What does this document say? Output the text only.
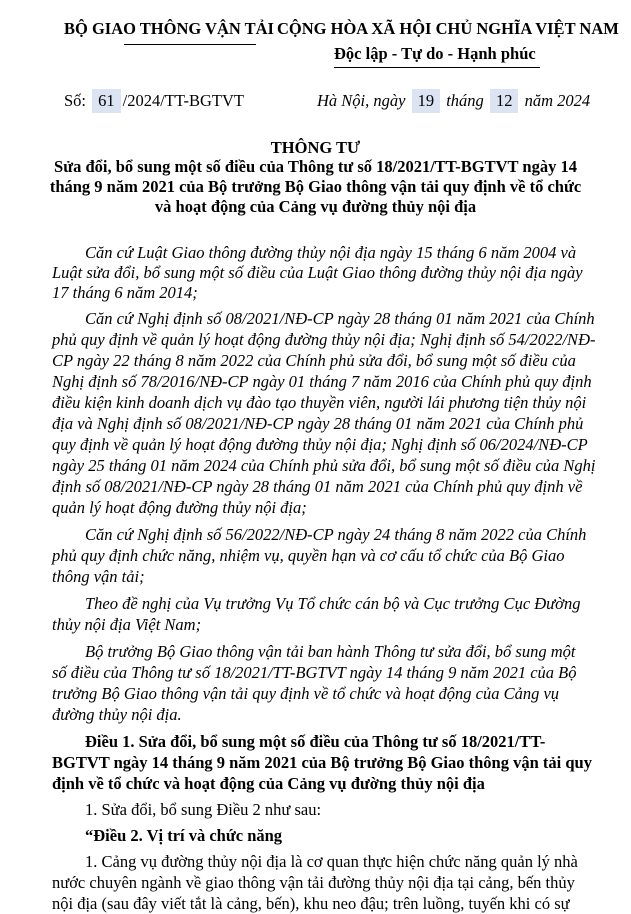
BỘ GIAO THÔNG VẬN TẢI CỘNG HÒA XÃ HỘI CHỦ NGHĨA VIỆT NAM
Độc lập - Tự do - Hạnh phúc
Số: 61 /2024/TT-BGTVT	Hà Nội, ngày 19 tháng 12 năm 2024
THÔNG TƯ
Sửa đổi, bổ sung một số điều của Thông tư số 18/2021/TT-BGTVT ngày 14
tháng 9 năm 2021 của Bộ trưởng Bộ Giao thông vận tải quy định về tổ chức
và hoạt động của Cảng vụ đường thủy nội địa
Căn cứ Luật Giao thông đường thủy nội địa ngày 15 tháng 6 năm 2004 và
Luật sửa đổi, bổ sung một số điều của Luật Giao thông đường thủy nội địa ngày
17 tháng 6 năm 2014;
Căn cứ Nghị định số 08/2021/NĐ-CP ngày 28 tháng 01 năm 2021 của Chính
phủ quy định về quản lý hoạt động đường thủy nội địa; Nghị định số 54/2022/NĐ-
CP ngày 22 tháng 8 năm 2022 của Chính phủ sửa đổi, bổ sung một số điều của
Nghị định số 78/2016/NĐ-CP ngày 01 tháng 7 năm 2016 của Chính phủ quy định
điều kiện kinh doanh dịch vụ đào tạo thuyền viên, người lái phương tiện thủy nội
địa và Nghị định số 08/2021/NĐ-CP ngày 28 tháng 01 năm 2021 của Chính phủ
quy định về quản lý hoạt động đường thủy nội địa; Nghị định số 06/2024/NĐ-CP
ngày 25 tháng 01 năm 2024 của Chính phủ sửa đổi, bổ sung một số điều của Nghị
định số 08/2021/NĐ-CP ngày 28 tháng 01 năm 2021 của Chính phủ quy định về
quản lý hoạt động đường thủy nội địa;
Căn cứ Nghị định số 56/2022/NĐ-CP ngày 24 tháng 8 năm 2022 của Chính
phủ quy định chức năng, nhiệm vụ, quyền hạn và cơ cấu tổ chức của Bộ Giao
thông vận tải;
Theo đề nghị của Vụ trưởng Vụ Tổ chức cán bộ và Cục trưởng Cục Đường
thủy nội địa Việt Nam;
Bộ trưởng Bộ Giao thông vận tải ban hành Thông tư sửa đổi, bổ sung một
số điều của Thông tư số 18/2021/TT-BGTVT ngày 14 tháng 9 năm 2021 của Bộ
trưởng Bộ Giao thông vận tải quy định về tổ chức và hoạt động của Cảng vụ
đường thủy nội địa.
Điều 1. Sửa đổi, bổ sung một số điều của Thông tư số 18/2021/TT-
BGTVT ngày 14 tháng 9 năm 2021 của Bộ trưởng Bộ Giao thông vận tải quy
định về tổ chức và hoạt động của Cảng vụ đường thủy nội địa
1. Sửa đổi, bổ sung Điều 2 như sau:
“Điều 2. Vị trí và chức năng
1. Cảng vụ đường thủy nội địa là cơ quan thực hiện chức năng quản lý nhà
nước chuyên ngành về giao thông vận tải đường thủy nội địa tại cảng, bến thủy
nội địa (sau đây viết tắt là cảng, bến), khu neo đậu; trên luồng, tuyến khi có sự
